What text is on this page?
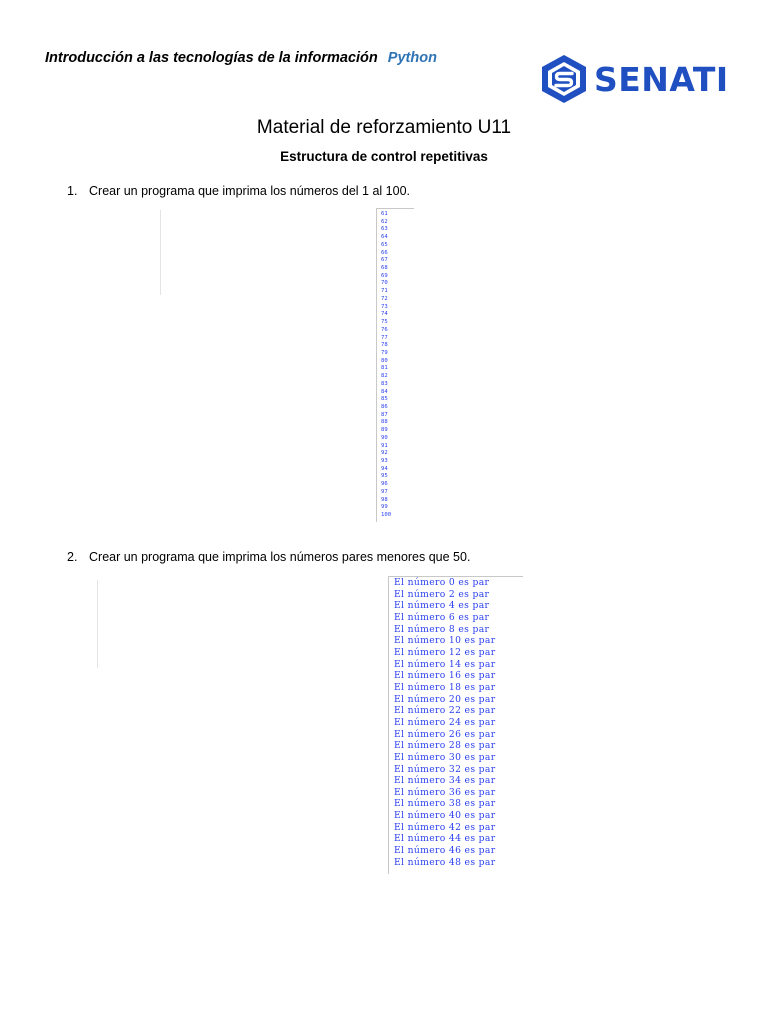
Introducción a las tecnologías de la información Python
SENATI
Material de reforzamiento U11
Estructura de control repetitivas
1. Crear un programa que imprima los números del 1 al 100.
61
62
63
64
65
66
67
68
69
70
71
72
73
74
75
76
77
78
79
80
81
82
83
84
85
86
87
88
89
90
91
92
93
94
95
96
97
98
99
100
2. Crear un programa que imprima los números pares menores que 50.
El número 0 es par
El número 2 es par
El número 4 es par
El número 6 es par
El número 8 es par
El número 10 es par
El número 12 es par
El número 14 es par
El número 16 es par
El número 18 es par
El número 20 es par
El número 22 es par
El número 24 es par
El número 26 es par
El número 28 es par
El número 30 es par
El número 32 es par
El número 34 es par
El número 36 es par
El número 38 es par
El número 40 es par
El número 42 es par
El número 44 es par
El número 46 es par
El número 48 es par
